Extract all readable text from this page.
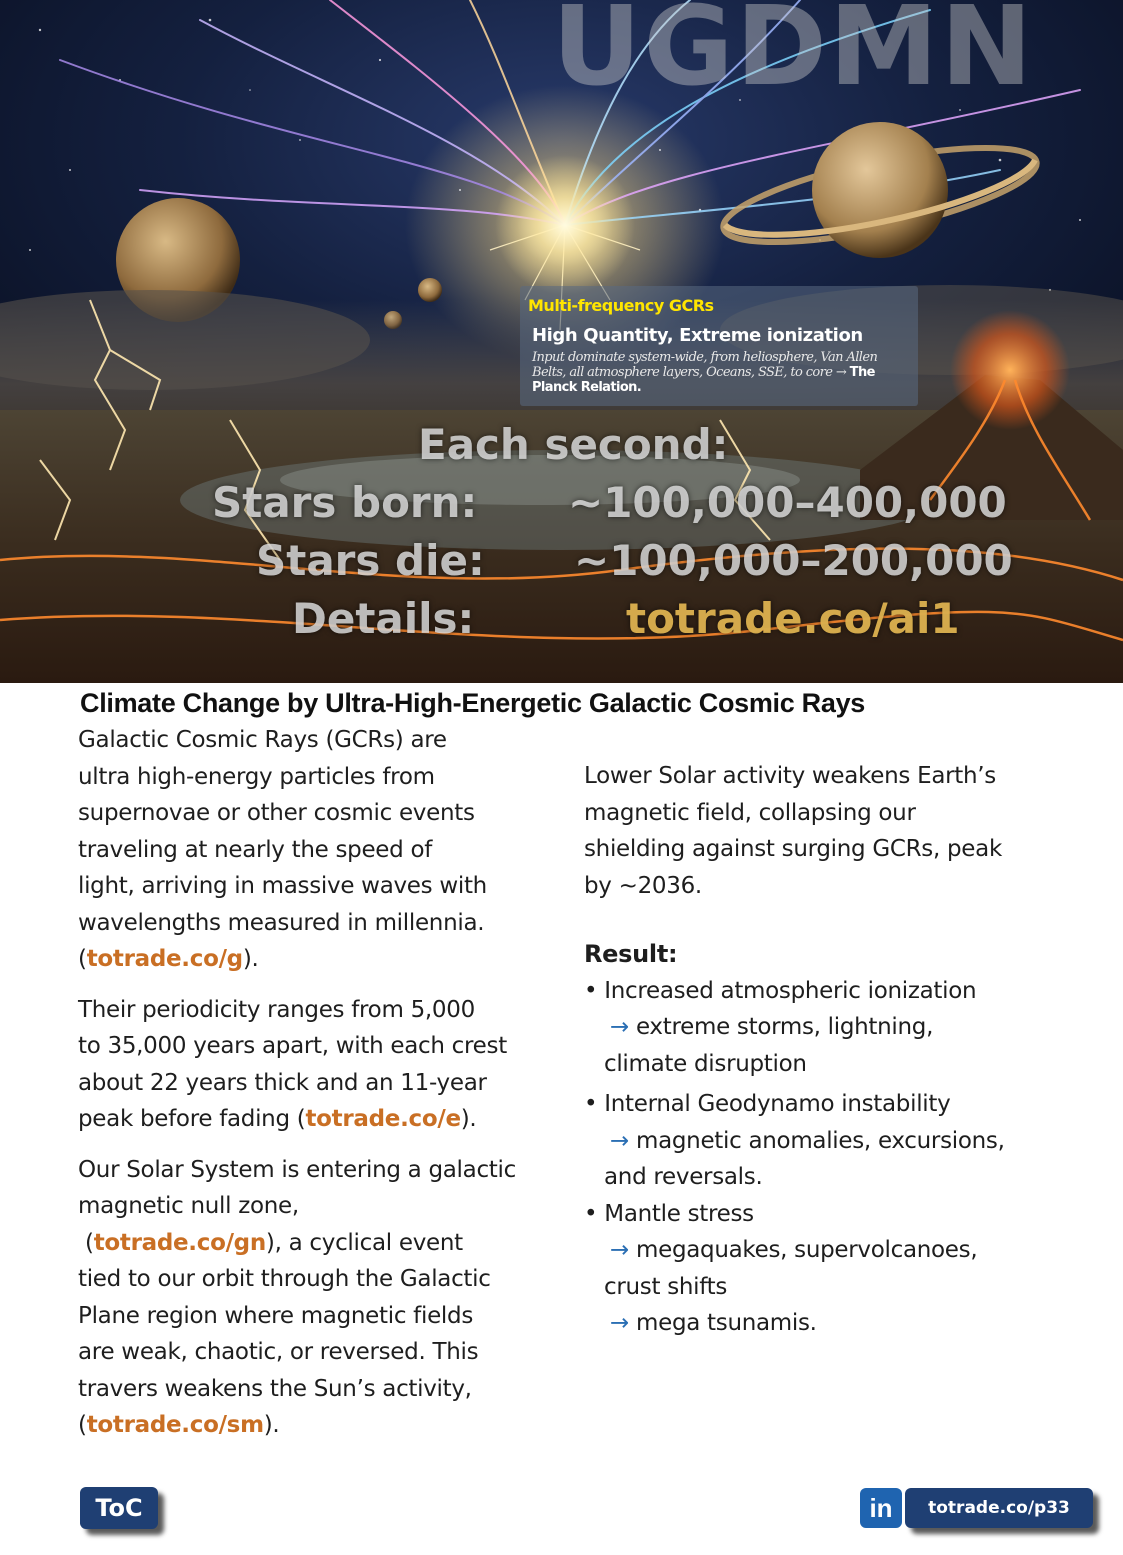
UGDMN
Multi-frequency GCRs
High Quantity, Extreme ionization
Input dominate system-wide, from heliosphere, Van Allen Belts, all atmosphere layers, Oceans, SSE, to core → The Planck Relation.
Each second:
Stars born: ~100,000–400,000
Stars die: ~100,000–200,000
Details:	totrade.co/ai1
Climate Change by Ultra-High-Energetic Galactic Cosmic Rays

Galactic Cosmic Rays (GCRs) are
ultra high-energy particles from
supernovae or other cosmic events
traveling at nearly the speed of
light, arriving in massive waves with
wavelengths measured in millennia.
(totrade.co/g).

Their periodicity ranges from 5,000
to 35,000 years apart, with each crest
about 22 years thick and an 11-year
peak before fading (totrade.co/e).

Our Solar System is entering a galactic
magnetic null zone,
(totrade.co/gn), a cyclical event
tied to our orbit through the Galactic
Plane region where magnetic fields
are weak, chaotic, or reversed. This
travers weakens the Sun’s activity,
(totrade.co/sm).

Lower Solar activity weakens Earth’s
magnetic field, collapsing our
shielding against surging GCRs, peak
by ~2036.

Result:

• Increased atmospheric ionization
→ extreme storms, lightning,
climate disruption
• Internal Geodynamo instability
→ magnetic anomalies, excursions,
and reversals.
• Mantle stress
→ megaquakes, supervolcanoes,
crust shifts
→ mega tsunamis.
ToC	in	totrade.co/p33
